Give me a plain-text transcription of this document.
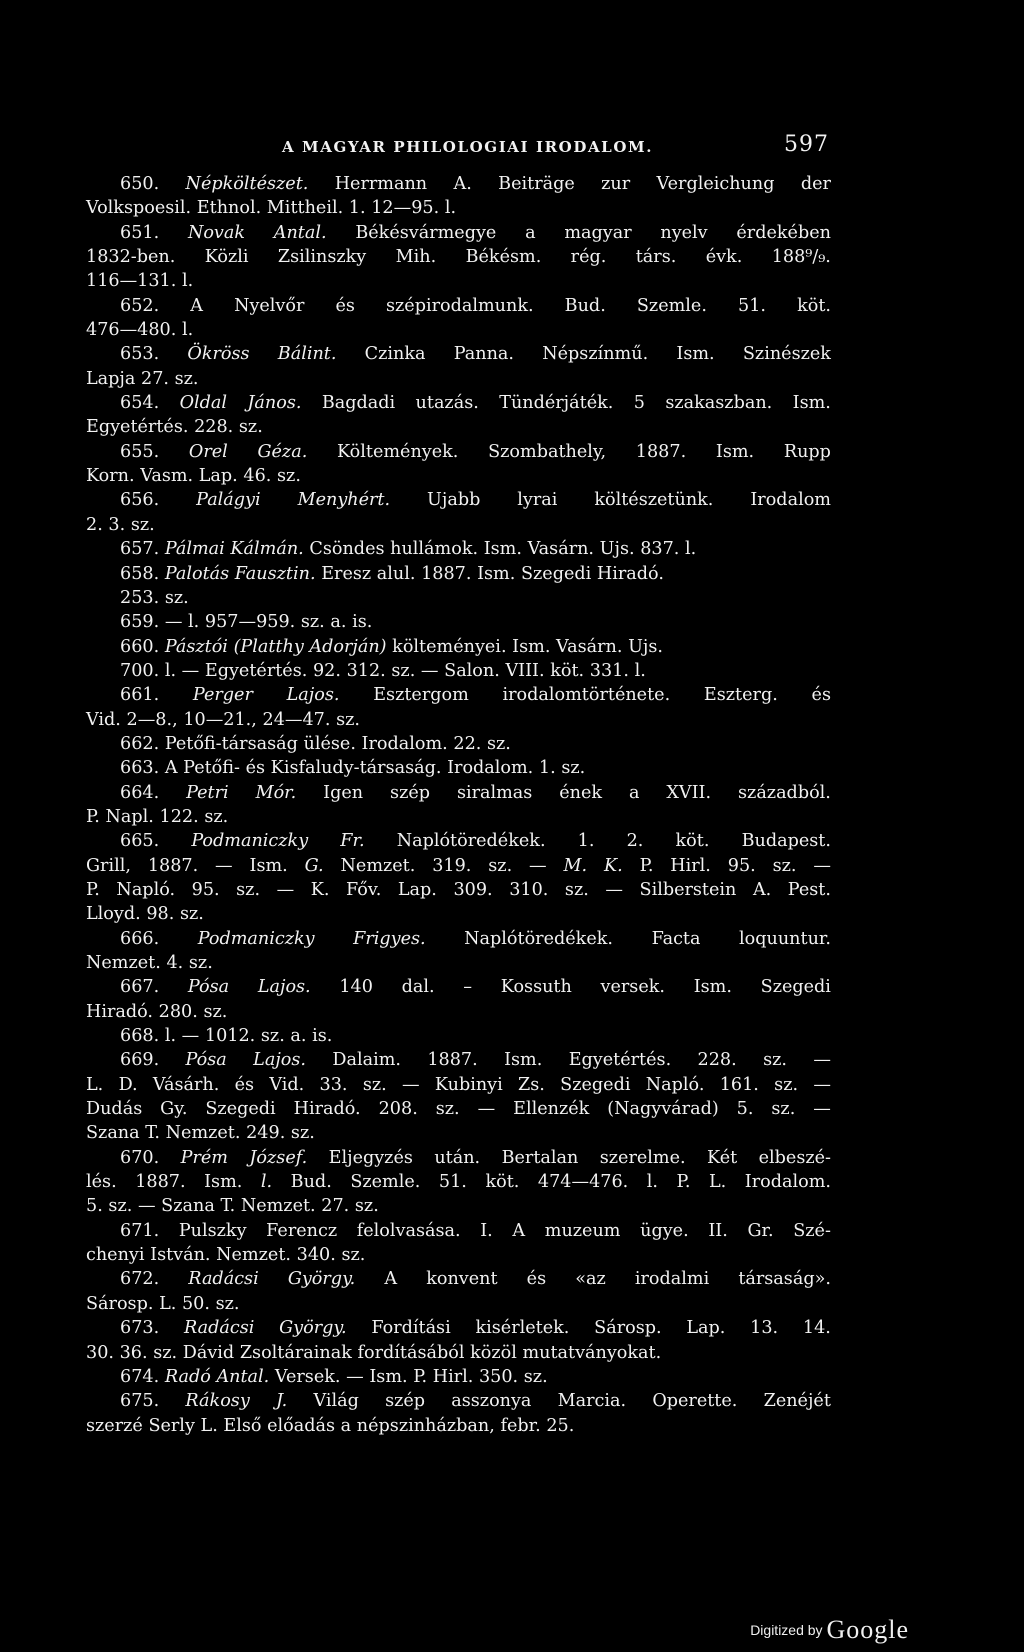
A MAGYAR PHILOLOGIAI IRODALOM.	597
650. Népköltészet. Herrmann A. Beiträge zur Vergleichung der
Volkspoesil. Ethnol. Mittheil. 1. 12—95. l.
651. Novak Antal. Békésvármegye a magyar nyelv érdekében
1832-ben. Közli Zsilinszky Mih. Békésm. rég. társ. évk. 188⁹/₉.
116—131. l.
652. A Nyelvőr és szépirodalmunk. Bud. Szemle. 51. köt.
476—480. l.
653. Ökröss Bálint. Czinka Panna. Népszínmű. Ism. Szinészek
Lapja 27. sz.
654. Oldal János. Bagdadi utazás. Tündérjáték. 5 szakaszban. Ism.
Egyetértés. 228. sz.
655. Orel Géza. Költemények. Szombathely, 1887. Ism. Rupp
Korn. Vasm. Lap. 46. sz.
656. Palágyi Menyhért. Ujabb lyrai költészetünk. Irodalom
2. 3. sz.
657. Pálmai Kálmán. Csöndes hullámok. Ism. Vasárn. Ujs. 837. l.
658. Palotás Fausztin. Eresz alul. 1887. Ism. Szegedi Hiradó.
253. sz.
659. — l. 957—959. sz. a. is.
660. Pásztói (Platthy Adorján) költeményei. Ism. Vasárn. Ujs.
700. l. — Egyetértés. 92. 312. sz. — Salon. VIII. köt. 331. l.
661. Perger Lajos. Esztergom irodalomtörténete. Eszterg. és
Vid. 2—8., 10—21., 24—47. sz.
662. Petőfi-társaság ülése. Irodalom. 22. sz.
663. A Petőfi- és Kisfaludy-társaság. Irodalom. 1. sz.
664. Petri Mór. Igen szép siralmas ének a XVII. századból.
P. Napl. 122. sz.
665. Podmaniczky Fr. Naplótöredékek. 1. 2. köt. Budapest.
Grill, 1887. — Ism. G. Nemzet. 319. sz. — M. K. P. Hirl. 95. sz. —
P. Napló. 95. sz. — K. Főv. Lap. 309. 310. sz. — Silberstein A. Pest.
Lloyd. 98. sz.
666. Podmaniczky Frigyes. Naplótöredékek. Facta loquuntur.
Nemzet. 4. sz.
667. Pósa Lajos. 140 dal. – Kossuth versek. Ism. Szegedi
Hiradó. 280. sz.
668. l. — 1012. sz. a. is.
669. Pósa Lajos. Dalaim. 1887. Ism. Egyetértés. 228. sz. —
L. D. Vásárh. és Vid. 33. sz. — Kubinyi Zs. Szegedi Napló. 161. sz. —
Dudás Gy. Szegedi Hiradó. 208. sz. — Ellenzék (Nagyvárad) 5. sz. —
Szana T. Nemzet. 249. sz.
670. Prém József. Eljegyzés után. Bertalan szerelme. Két elbeszé-
lés. 1887. Ism. l. Bud. Szemle. 51. köt. 474—476. l. P. L. Irodalom.
5. sz. — Szana T. Nemzet. 27. sz.
671. Pulszky Ferencz felolvasása. I. A muzeum ügye. II. Gr. Szé-
chenyi István. Nemzet. 340. sz.
672. Radácsi György. A konvent és «az irodalmi társaság».
Sárosp. L. 50. sz.
673. Radácsi György. Fordítási kisérletek. Sárosp. Lap. 13. 14.
30. 36. sz. Dávid Zsoltárainak fordításából közöl mutatványokat.
674. Radó Antal. Versek. — Ism. P. Hirl. 350. sz.
675. Rákosy J. Világ szép asszonya Marcia. Operette. Zenéjét
szerzé Serly L. Első előadás a népszinházban, febr. 25.
Digitized by Google
